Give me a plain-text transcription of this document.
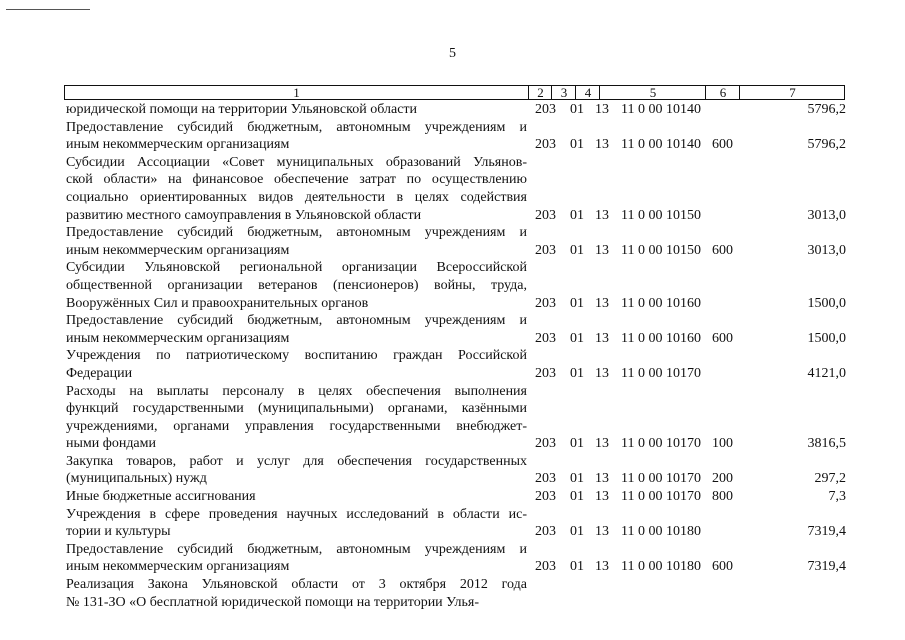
5
1	2	3	4	5	6	7
юридической помощи на территории Ульяновской области	203 01 13 11 0 00 10140	5796,2
Предоставление субсидий бюджетным, автономным учреждениям и
иным некоммерческим организациям	203 01 13 11 0 00 10140 600	5796,2
Субсидии Ассоциации «Совет муниципальных образований Ульянов-
ской области» на финансовое обеспечение затрат по осуществлению
социально ориентированных видов деятельности в целях содействия
развитию местного самоуправления в Ульяновской области	203 01 13 11 0 00 10150	3013,0
Предоставление субсидий бюджетным, автономным учреждениям и
иным некоммерческим организациям	203 01 13 11 0 00 10150 600	3013,0
Субсидии Ульяновской региональной организации Всероссийской
общественной организации ветеранов (пенсионеров) войны, труда,
Вооружённых Сил и правоохранительных органов	203 01 13 11 0 00 10160	1500,0
Предоставление субсидий бюджетным, автономным учреждениям и
иным некоммерческим организациям	203 01 13 11 0 00 10160 600	1500,0
Учреждения по патриотическому воспитанию граждан Российской
Федерации	203 01 13 11 0 00 10170	4121,0
Расходы на выплаты персоналу в целях обеспечения выполнения
функций государственными (муниципальными) органами, казёнными
учреждениями, органами управления государственными внебюджет-
ными фондами	203 01 13 11 0 00 10170 100	3816,5
Закупка товаров, работ и услуг для обеспечения государственных
(муниципальных) нужд	203 01 13 11 0 00 10170 200	297,2
Иные бюджетные ассигнования	203 01 13 11 0 00 10170 800	7,3
Учреждения в сфере проведения научных исследований в области ис-
тории и культуры	203 01 13 11 0 00 10180	7319,4
Предоставление субсидий бюджетным, автономным учреждениям и
иным некоммерческим организациям	203 01 13 11 0 00 10180 600	7319,4
Реализация Закона Ульяновской области от 3 октября 2012 года
№ 131-ЗО «О бесплатной юридической помощи на территории Улья-
